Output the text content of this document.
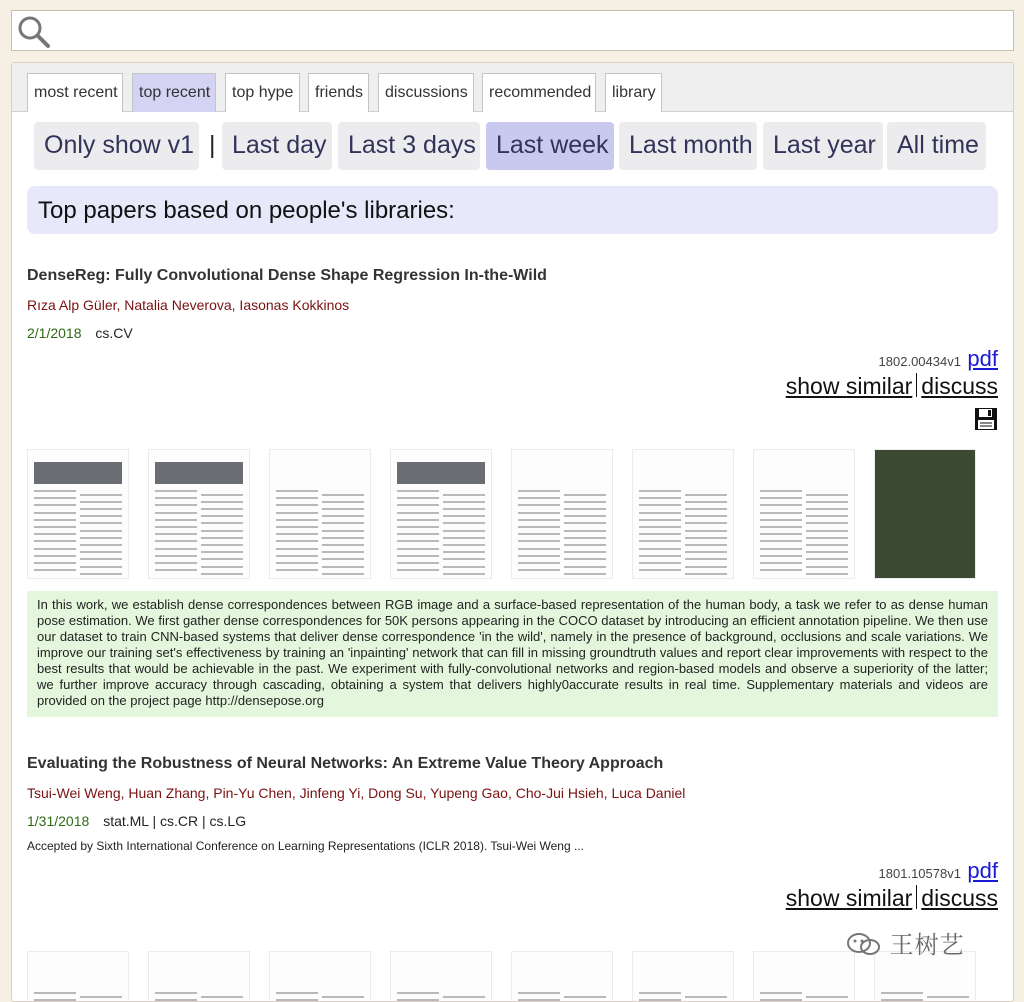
most recent	top recent	top hype	friends	discussions	recommended	library
Only show v1 | Last day Last 3 days Last week Last month Last year All time
Top papers based on people's libraries:
DenseReg: Fully Convolutional Dense Shape Regression In-the-Wild
Rıza Alp Güler, Natalia Neverova, Iasonas Kokkinos
2/1/2018 cs.CV
1802.00434v1 pdf
show similar discuss
In this work, we establish dense correspondences between RGB image and a surface-based representation of the human body, a task we refer to as dense human pose estimation. We first gather dense correspondences for 50K persons appearing in the COCO dataset by introducing an efficient annotation pipeline. We then use our dataset to train CNN-based systems that deliver dense correspondence 'in the wild', namely in the presence of background, occlusions and scale variations. We improve our training set's effectiveness by training an 'inpainting' network that can fill in missing groundtruth values and report clear improvements with respect to the best results that would be achievable in the past. We experiment with fully-convolutional networks and region-based models and observe a superiority of the latter; we further improve accuracy through cascading, obtaining a system that delivers highly0accurate results in real time. Supplementary materials and videos are provided on the project page http://densepose.org
Evaluating the Robustness of Neural Networks: An Extreme Value Theory Approach
Tsui-Wei Weng, Huan Zhang, Pin-Yu Chen, Jinfeng Yi, Dong Su, Yupeng Gao, Cho-Jui Hsieh, Luca Daniel
1/31/2018 stat.ML | cs.CR | cs.LG
Accepted by Sixth International Conference on Learning Representations (ICLR 2018). Tsui-Wei Weng ...
1801.10578v1 pdf
show similar discuss
王树艺
